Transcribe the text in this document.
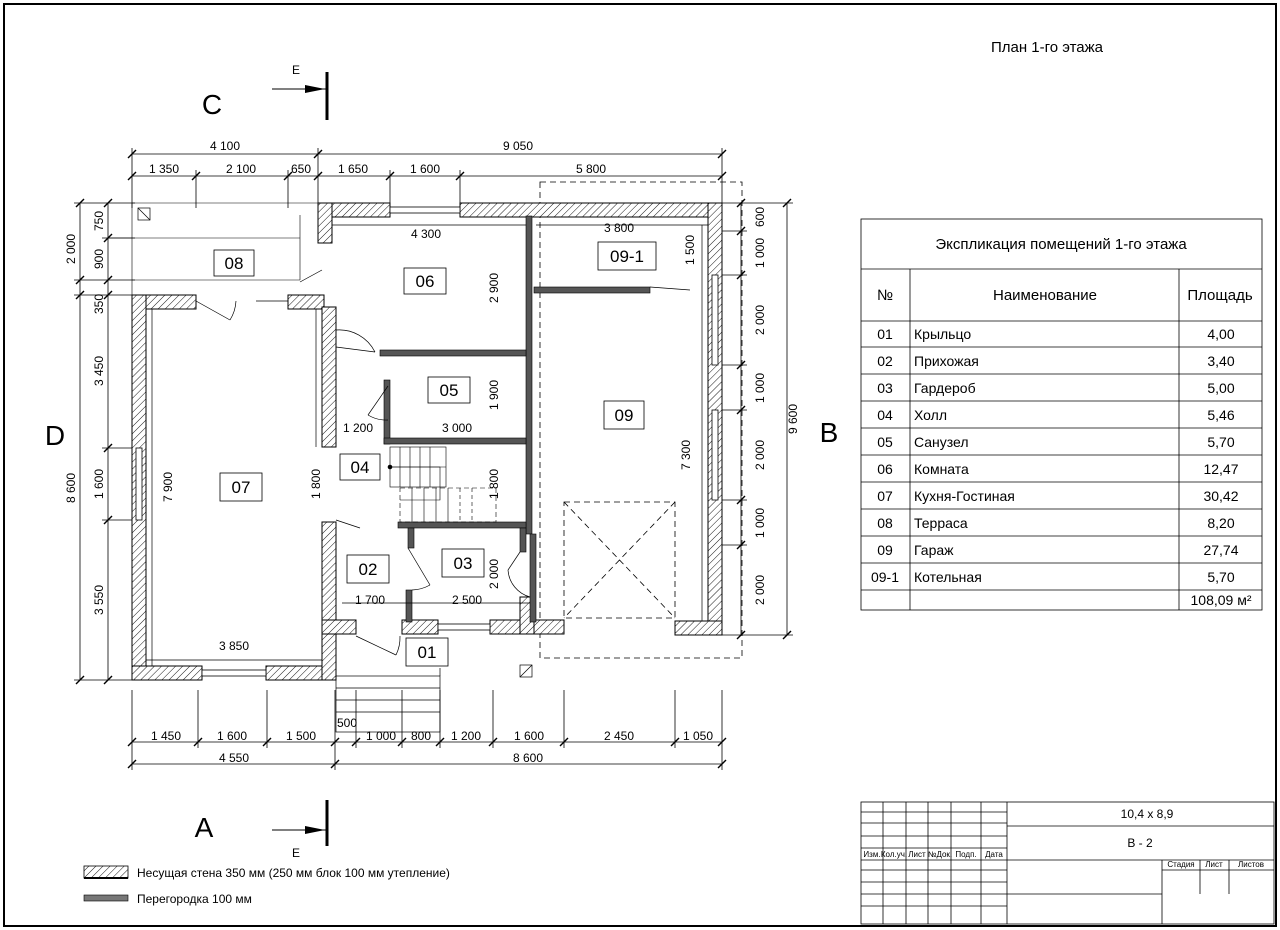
План 1-го этажа
4 100	9 050
1 350	2 100	650 1 650	1 600	5 800
1 450	1 600	1 500	1 000 800 1 200	1 600	2 450	1 050
500
4 550	8 600
2 000
8 600
750
900
350
3 450
1 600
3 550
600
1 000
2 000
1 000
2 000
1 000
2 000
9 600
D	B
C
A
E
E
4 300	3 800
1 500
2 900
1 900
1 200	3 000
1 800	1 800
7 900
7 300
2 000
1 700	2 500
3 850
08
06
09-1
05
09
04
07
02	03
01
Экспликация помещений 1-го этажа
№	Наименование	Площадь
01 Крыльцо	4,00
02 Прихожая	3,40
03 Гардероб	5,00
04 Холл	5,46
05 Санузел	5,70
06 Комната	12,47
07 Кухня-Гостиная	30,42
08 Терраса	8,20
09 Гараж	27,74
09-1 Котельная	5,70
108,09 м²
Несущая стена 350 мм (250 мм блок 100 мм утепление)
Перегородка 100 мм
10,4 х 8,9
В - 2
Изм. Кол.уч. Лист №Док. Подп. Дата
Стадия Лист Листов
